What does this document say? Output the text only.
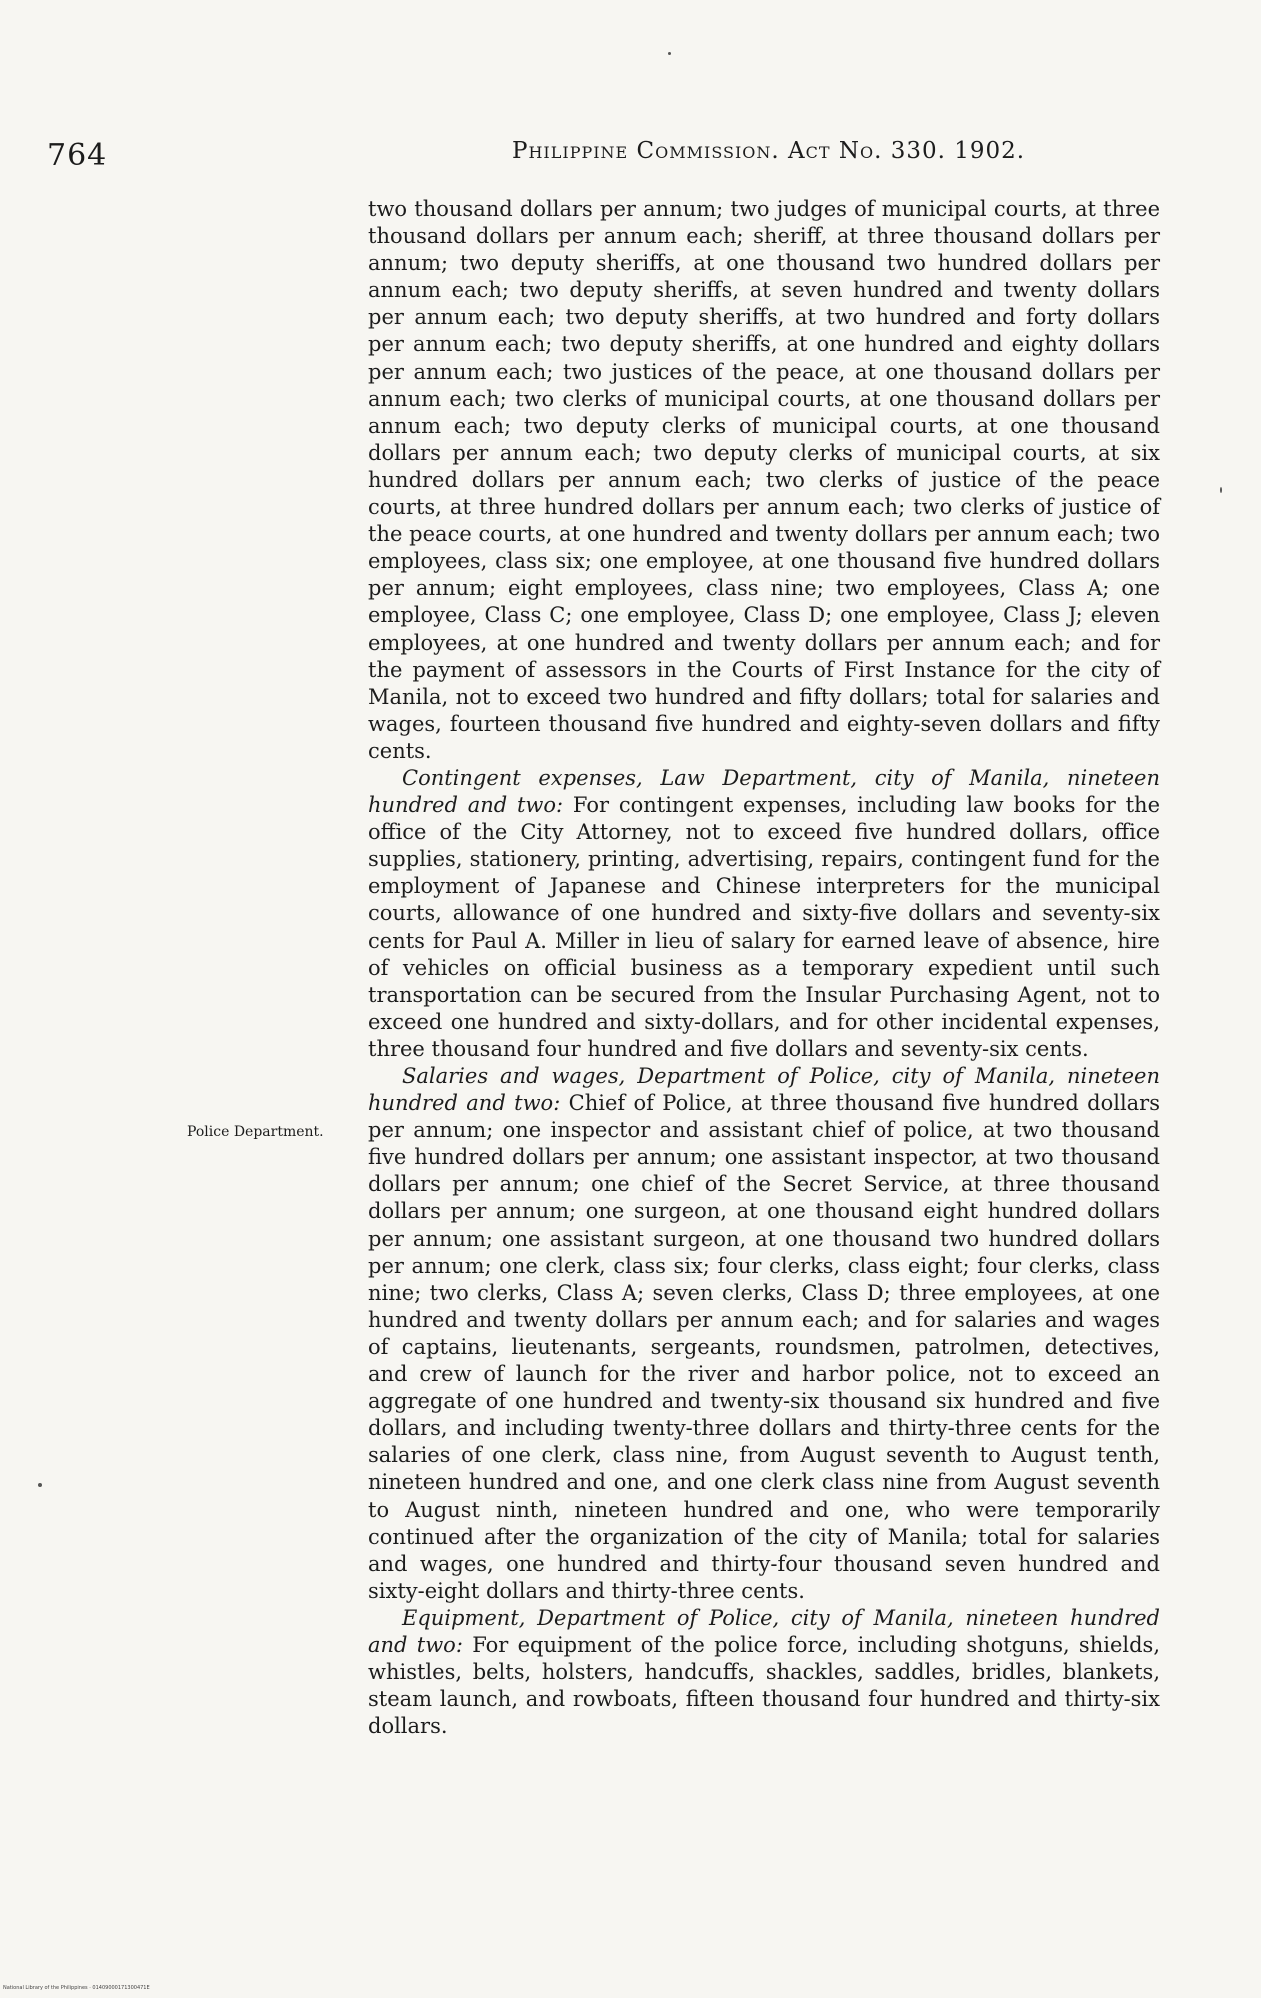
764	Philippine Commission. Act No. 330. 1902.
Police Department.

two thousand dollars per annum; two judges of municipal courts, at three thousand dollars per annum each; sheriff, at three thousand dollars per annum; two deputy sheriffs, at one thousand two hundred dollars per annum each; two deputy sheriffs, at seven hundred and twenty dollars per annum each; two deputy sheriffs, at two hundred and forty dollars per annum each; two deputy sheriffs, at one hundred and eighty dollars per annum each; two justices of the peace, at one thousand dollars per annum each; two clerks of municipal courts, at one thousand dollars per annum each; two deputy clerks of municipal courts, at one thousand dollars per annum each; two deputy clerks of municipal courts, at six hundred dollars per annum each; two clerks of justice of the peace courts, at three hundred dollars per annum each; two clerks of justice of the peace courts, at one hundred and twenty dollars per annum each; two employees, class six; one employee, at one thousand five hundred dollars per annum; eight employees, class nine; two employees, Class A; one employee, Class C; one employee, Class D; one employee, Class J; eleven employees, at one hundred and twenty dollars per annum each; and for the payment of assessors in the Courts of First Instance for the city of Manila, not to exceed two hundred and fifty dollars; total for salaries and wages, fourteen thousand five hundred and eighty-seven dollars and fifty cents.

Contingent expenses, Law Department, city of Manila, nineteen hundred and two: For contingent expenses, including law books for the office of the City Attorney, not to exceed five hundred dollars, office supplies, stationery, printing, advertising, repairs, contingent fund for the employment of Japanese and Chinese interpreters for the municipal courts, allowance of one hundred and sixty-five dollars and seventy-six cents for Paul A. Miller in lieu of salary for earned leave of absence, hire of vehicles on official business as a temporary expedient until such transportation can be secured from the Insular Purchasing Agent, not to exceed one hundred and sixty-dollars, and for other incidental expenses, three thousand four hundred and five dollars and seventy-six cents.

Salaries and wages, Department of Police, city of Manila, nineteen hundred and two: Chief of Police, at three thousand five hundred dollars per annum; one inspector and assistant chief of police, at two thousand five hundred dollars per annum; one assistant inspector, at two thousand dollars per annum; one chief of the Secret Service, at three thousand dollars per annum; one surgeon, at one thousand eight hundred dollars per annum; one assistant surgeon, at one thousand two hundred dollars per annum; one clerk, class six; four clerks, class eight; four clerks, class nine; two clerks, Class A; seven clerks, Class D; three employees, at one hundred and twenty dollars per annum each; and for salaries and wages of captains, lieutenants, sergeants, roundsmen, patrolmen, detectives, and crew of launch for the river and harbor police, not to exceed an aggregate of one hundred and twenty-six thousand six hundred and five dollars, and including twenty-three dollars and thirty-three cents for the salaries of one clerk, class nine, from August seventh to August tenth, nineteen hundred and one, and one clerk class nine from August seventh to August ninth, nineteen hundred and one, who were temporarily continued after the organization of the city of Manila; total for salaries and wages, one hundred and thirty-four thousand seven hundred and sixty-eight dollars and thirty-three cents.

Equipment, Department of Police, city of Manila, nineteen hundred and two: For equipment of the police force, including shotguns, shields, whistles, belts, holsters, handcuffs, shackles, saddles, bridles, blankets, steam launch, and rowboats, fifteen thousand four hundred and thirty-six dollars.

National Library of the Philippines · 01409000171300471E
